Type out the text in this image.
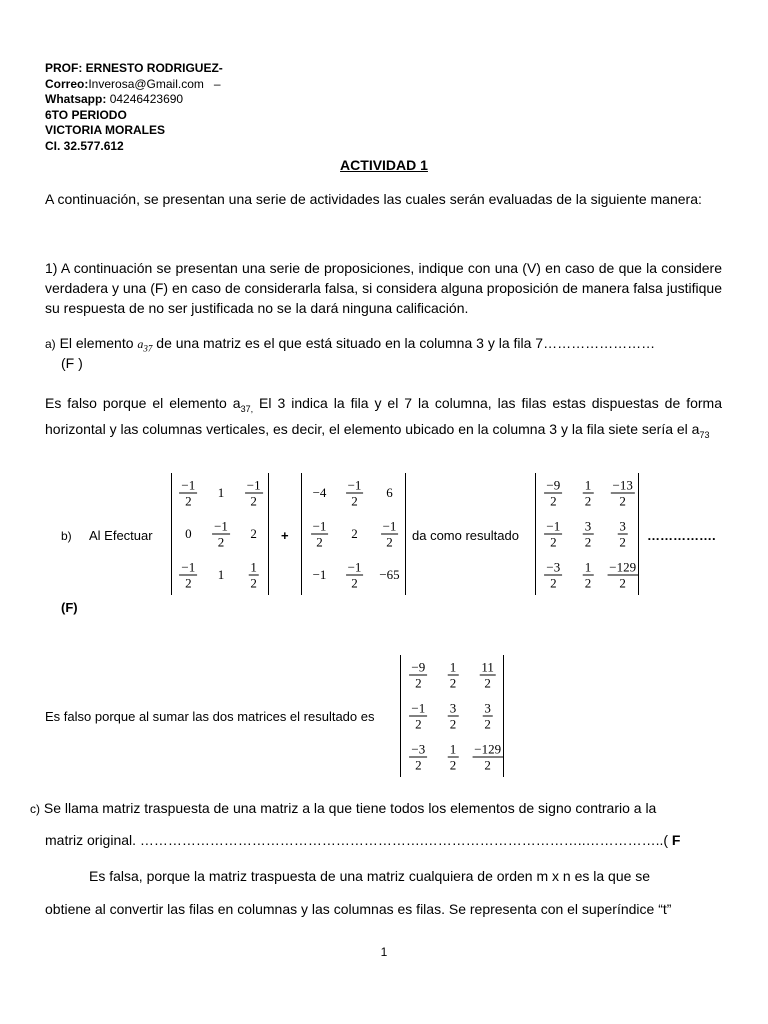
PROF: ERNESTO RODRIGUEZ-
Correo:Inverosa@Gmail.com –
Whatsapp: 04246423690
6TO PERIODO
VICTORIA MORALES
CI. 32.577.612
ACTIVIDAD 1
A continuación, se presentan una serie de actividades las cuales serán evaluadas de la siguiente manera:
1) A continuación se presentan una serie de proposiciones, indique con una (V) en caso de que la considere verdadera y una (F) en caso de considerarla falsa, si considera alguna proposición de manera falsa justifique su respuesta de no ser justificada no se la dará ninguna calificación.
a) El elemento $a_{37}$ de una matriz es el que está situado en la columna 3 y la fila 7……………………
(F )
Es falso porque el elemento $a_{37,}$ El 3 indica la fila y el 7 la columna, las filas estas dispuestas de forma horizontal y las columnas verticales, es decir, el elemento ubicado en la columna 3 y la fila siete sería el $a_{73}$
b) Al Efectuar	+	da como resultado	…………….
(F)
$\frac{-1}{2} 1 \frac{-1}{2}$
$0 \frac{-1}{2} 2$
$\frac{-1}{2} 1 \frac{1}{2}$
$-4 \frac{-1}{2} 6$
$\frac{-1}{2} 2 \frac{-1}{2}$
$-1 \frac{-1}{2} -65$
$\frac{-9}{2} \frac{1}{2} \frac{-13}{2}$
$\frac{-1}{2} \frac{3}{2} \frac{3}{2}$
$\frac{-3}{2} \frac{1}{2} \frac{-129}{2}$
Es falso porque al sumar las dos matrices el resultado es
$\frac{-9}{2} \frac{1}{2} \frac{11}{2}$
$\frac{-1}{2} \frac{3}{2} \frac{3}{2}$
$\frac{-3}{2} \frac{1}{2} \frac{-129}{2}$
c) Se llama matriz traspuesta de una matriz a la que tiene todos los elementos de signo contrario a la
matriz original. …………………………………………………….……………………………..……………..( F
Es falsa, porque la matriz traspuesta de una matriz cualquiera de orden m x n es la que se
obtiene al convertir las filas en columnas y las columnas es filas. Se representa con el superíndice “t”
1
